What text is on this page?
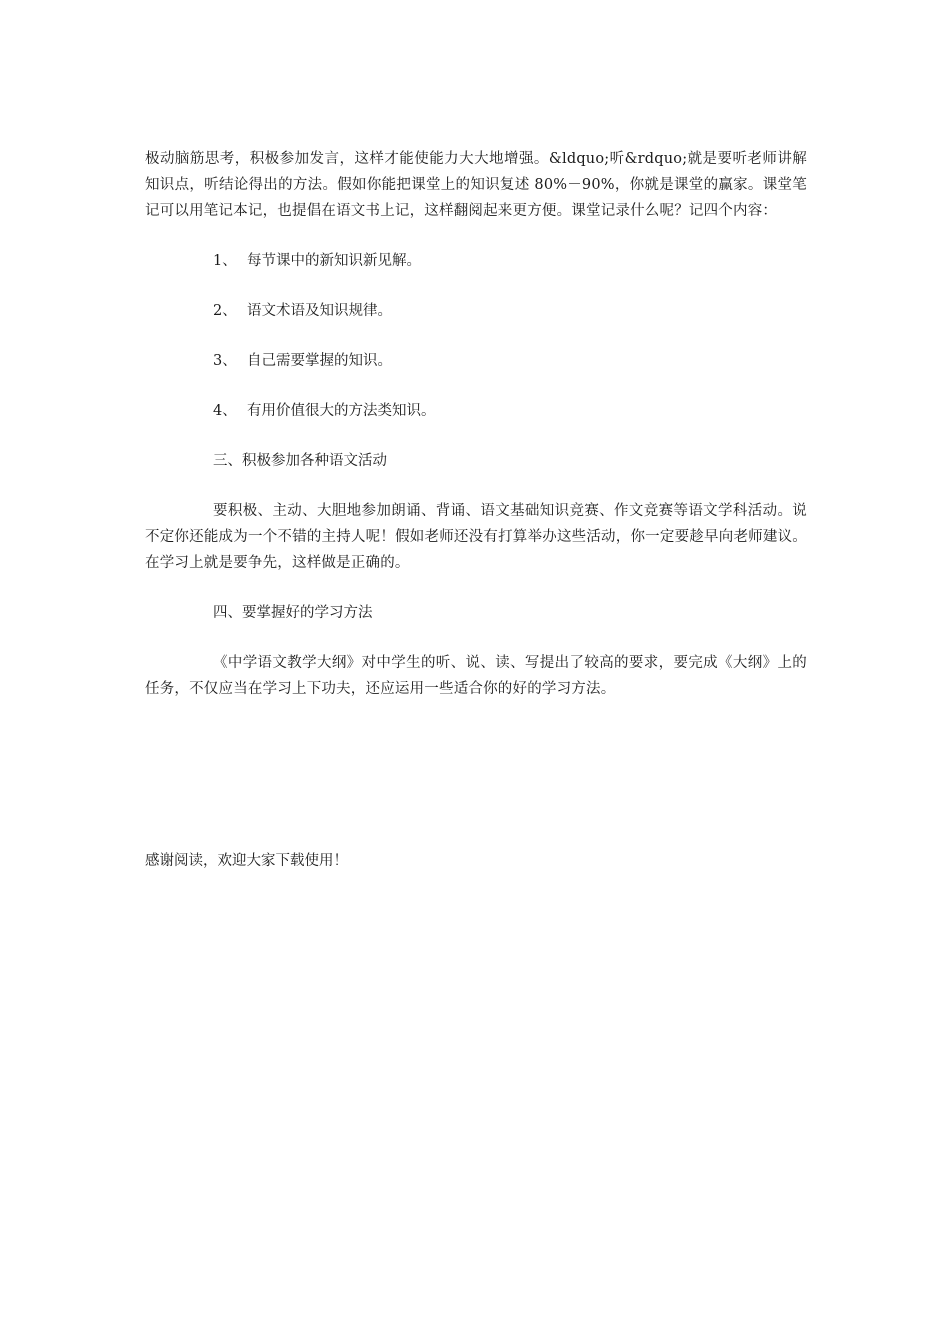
极动脑筋思考，积极参加发言，这样才能使能力大大地增强。&ldquo;听&rdquo;就是要听老师讲解知识点，听结论得出的方法。假如你能把课堂上的知识复述 80%－90%，你就是课堂的赢家。课堂笔记可以用笔记本记，也提倡在语文书上记，这样翻阅起来更方便。课堂记录什么呢？记四个内容：

1、 每节课中的新知识新见解。

2、 语文术语及知识规律。

3、 自己需要掌握的知识。

4、 有用价值很大的方法类知识。

三、积极参加各种语文活动

要积极、主动、大胆地参加朗诵、背诵、语文基础知识竞赛、作文竞赛等语文学科活动。说不定你还能成为一个不错的主持人呢！假如老师还没有打算举办这些活动，你一定要趁早向老师建议。在学习上就是要争先，这样做是正确的。

四、要掌握好的学习方法

《中学语文教学大纲》对中学生的听、说、读、写提出了较高的要求，要完成《大纲》上的任务，不仅应当在学习上下功夫，还应运用一些适合你的好的学习方法。

感谢阅读，欢迎大家下载使用！
